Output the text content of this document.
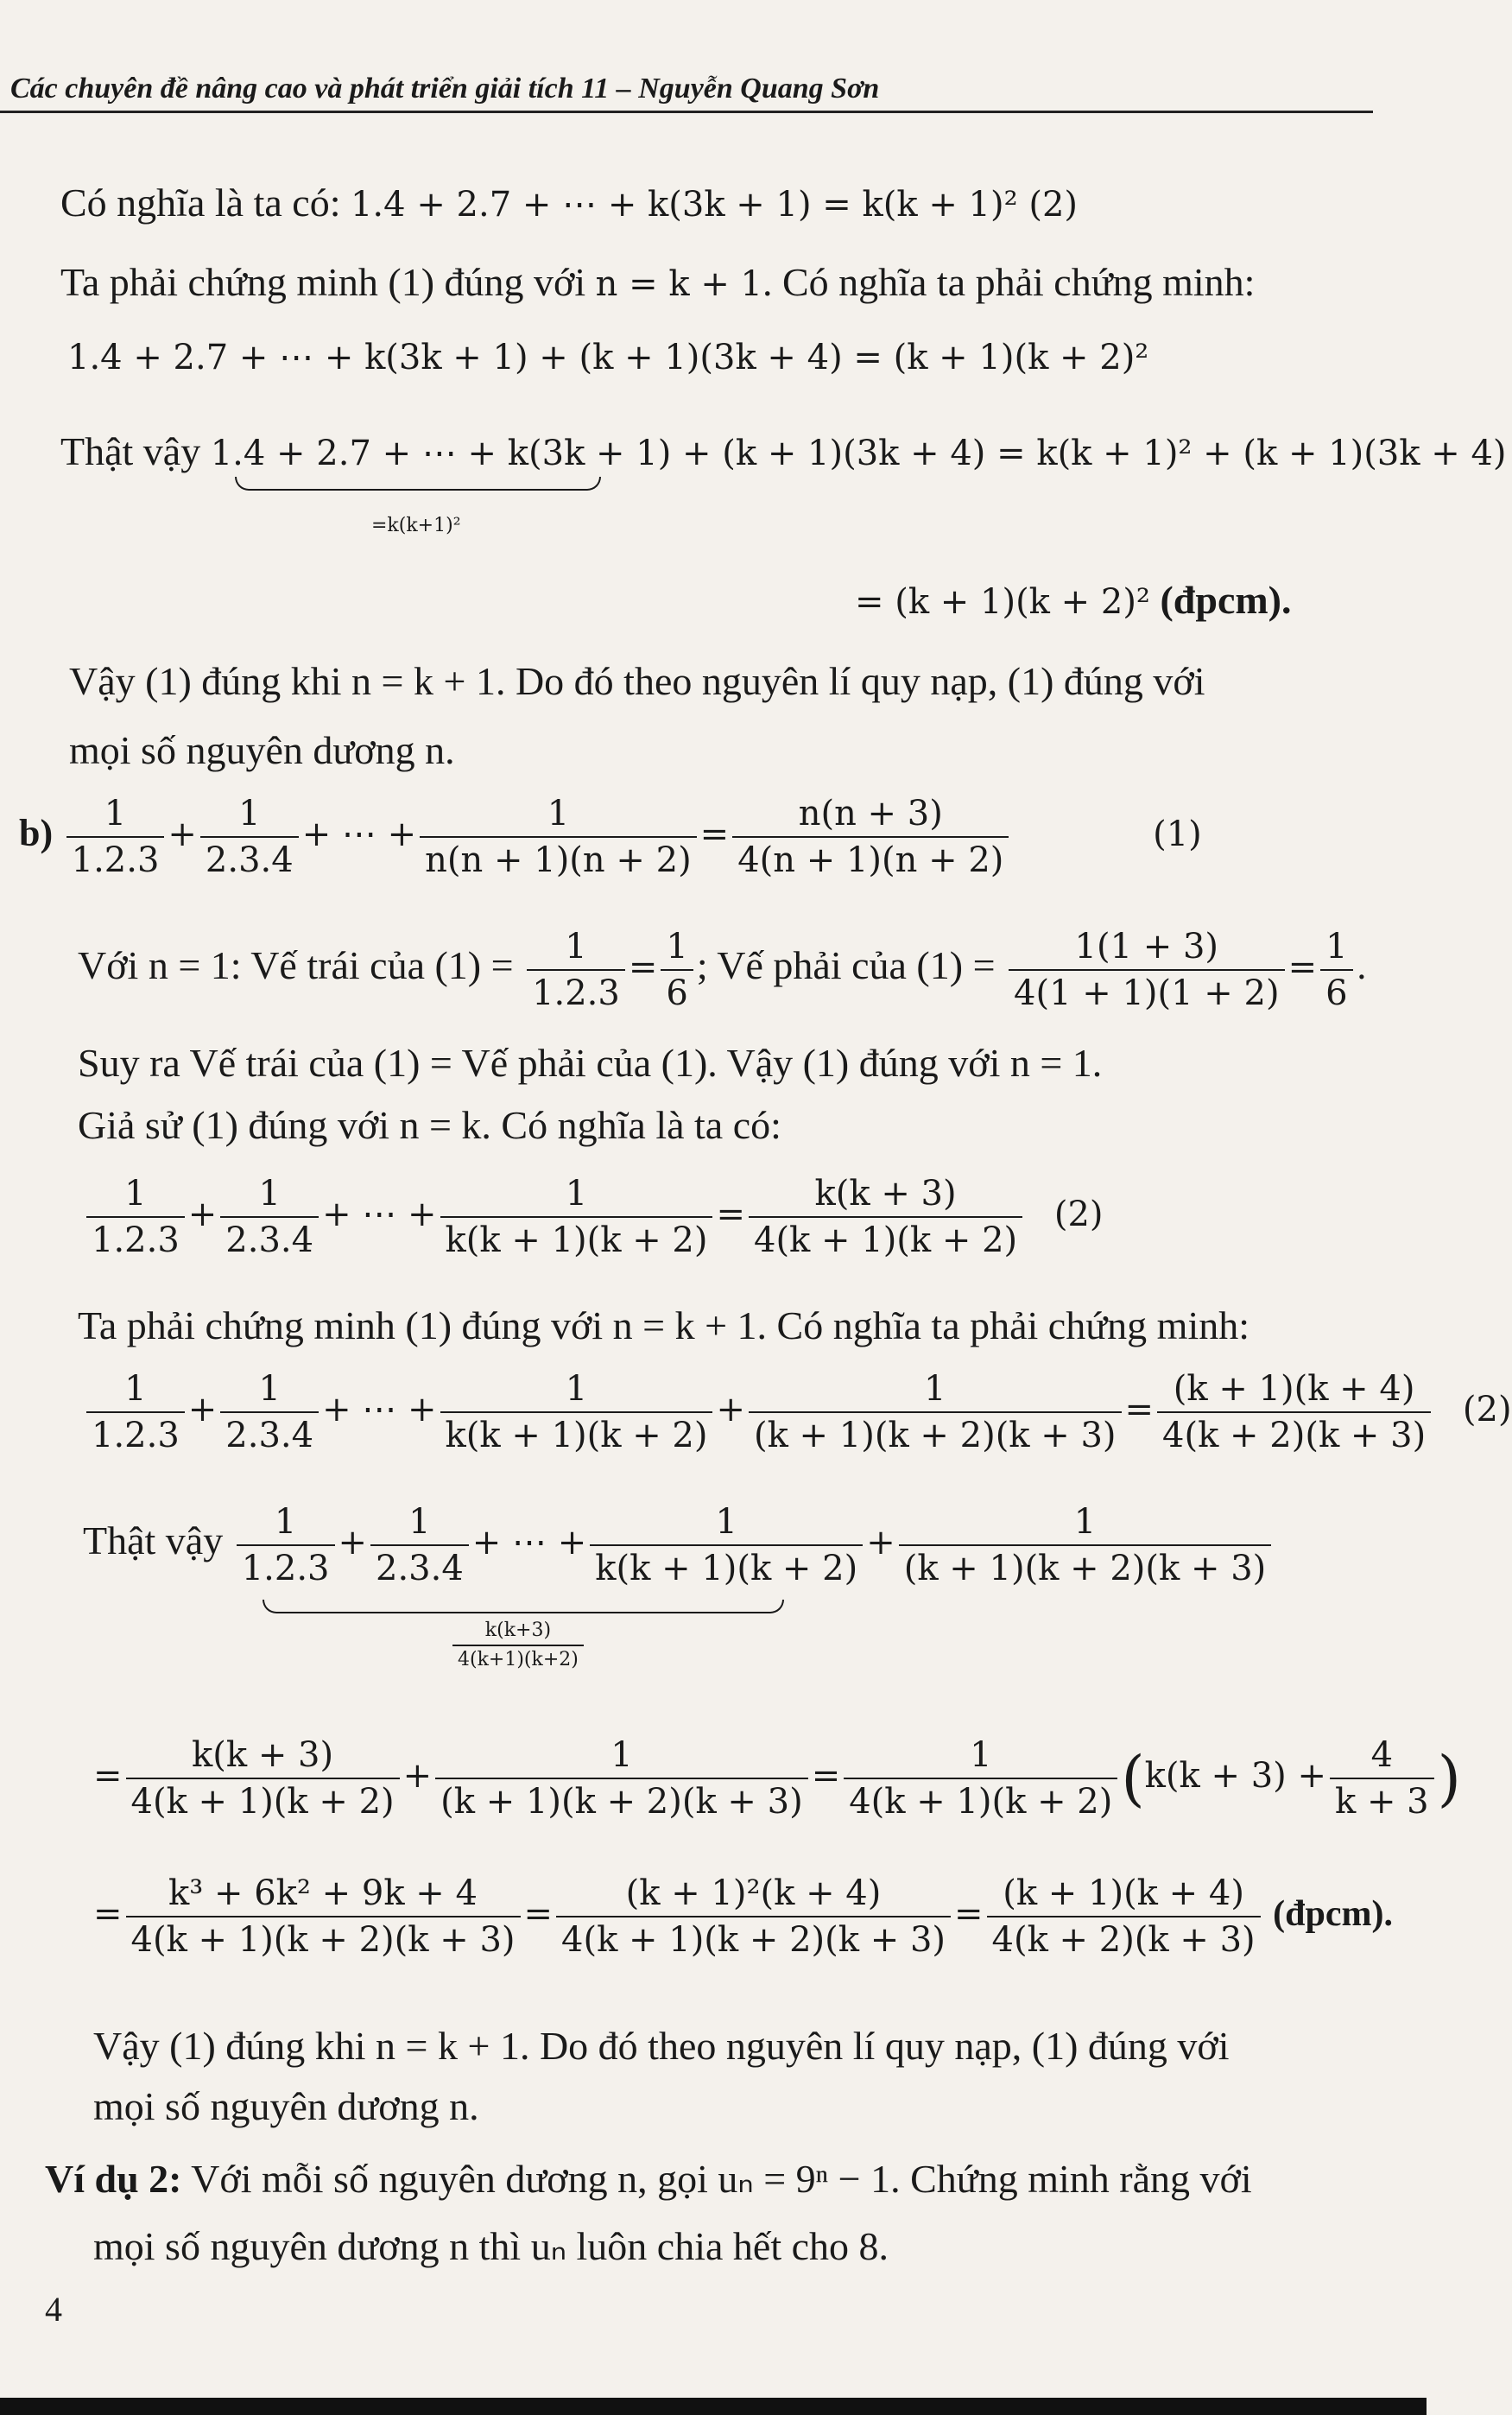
Các chuyên đề nâng cao và phát triển giải tích 11 – Nguyễn Quang Sơn
Có nghĩa là ta có: 1.4 + 2.7 + ⋯ + k(3k + 1) = k(k + 1)² (2)
Ta phải chứng minh (1) đúng với n = k + 1. Có nghĩa ta phải chứng minh:
1.4 + 2.7 + ⋯ + k(3k + 1) + (k + 1)(3k + 4) = (k + 1)(k + 2)²
Thật vậy 1.4 + 2.7 + ⋯ + k(3k + 1) + (k + 1)(3k + 4) = k(k + 1)² + (k + 1)(3k + 4)
=k(k+1)²
= (k + 1)(k + 2)² (đpcm).
Vậy (1) đúng khi n = k + 1. Do đó theo nguyên lí quy nạp, (1) đúng với
mọi số nguyên dương n.
$b) \frac{1}{1.2.3} + \frac{1}{2.3.4}$ + ⋯ + $\frac{1}{n(n + 1)(n + 2)} = \frac{n(n + 3)}{4(n + 1)(n + 2)}$	(1)
Với n = 1: Vế trái của $(1) = \frac{1}{1.2.3} = \frac{1}{6}$ ; Vế phải của $(1) = \frac{1(1 + 3)}{4(1 + 1)(1 + 2)} = \frac{1}{6}$ .
Suy ra Vế trái của (1) = Vế phải của (1). Vậy (1) đúng với n = 1.
Giả sử (1) đúng với n = k. Có nghĩa là ta có:
$\frac{1}{1.2.3} + \frac{1}{2.3.4}$ + ⋯ + $\frac{1}{k(k + 1)(k + 2)} = \frac{k(k + 3)}{4(k + 1)(k + 2)} (2)$
Ta phải chứng minh (1) đúng với n = k + 1. Có nghĩa ta phải chứng minh:
$\frac{1}{1.2.3} + \frac{1}{2.3.4}$ + ⋯ + $\frac{1}{k(k + 1)(k + 2)} + \frac{1}{(k + 1)(k + 2)(k + 3)} = \frac{(k + 1)(k + 4)}{4(k + 2)(k + 3)} (2)$
Thật vậy $\frac{1}{1.2.3} + \frac{1}{2.3.4}$ + ⋯ + $\frac{1}{k(k + 1)(k + 2)} + \frac{1}{(k + 1)(k + 2)(k + 3)}$
$\frac{k(k+3)}{4(k+1)(k+2)}$
= $\frac{k(k + 3)}{4(k + 1)(k + 2)} + \frac{1}{(k + 1)(k + 2)(k + 3)} = \frac{1}{4(k + 1)(k + 2)} (k(k + 3) + \frac{4}{k + 3}$ )
= $\frac{\text{k³ + 6k² + 9k + 4}}{4(k + 1)(k + 2)(k + 3)} = \frac{\text{(k + 1)²(k + 4)}}{4(k + 1)(k + 2)(k + 3)} = \frac{(k + 1)(k + 4)}{4(k + 2)(k + 3)}$ (đpcm).
Vậy (1) đúng khi n = k + 1. Do đó theo nguyên lí quy nạp, (1) đúng với
mọi số nguyên dương n.
Ví dụ 2: Với mỗi số nguyên dương n, gọi uₙ = 9ⁿ − 1. Chứng minh rằng với
mọi số nguyên dương n thì uₙ luôn chia hết cho 8.
4
